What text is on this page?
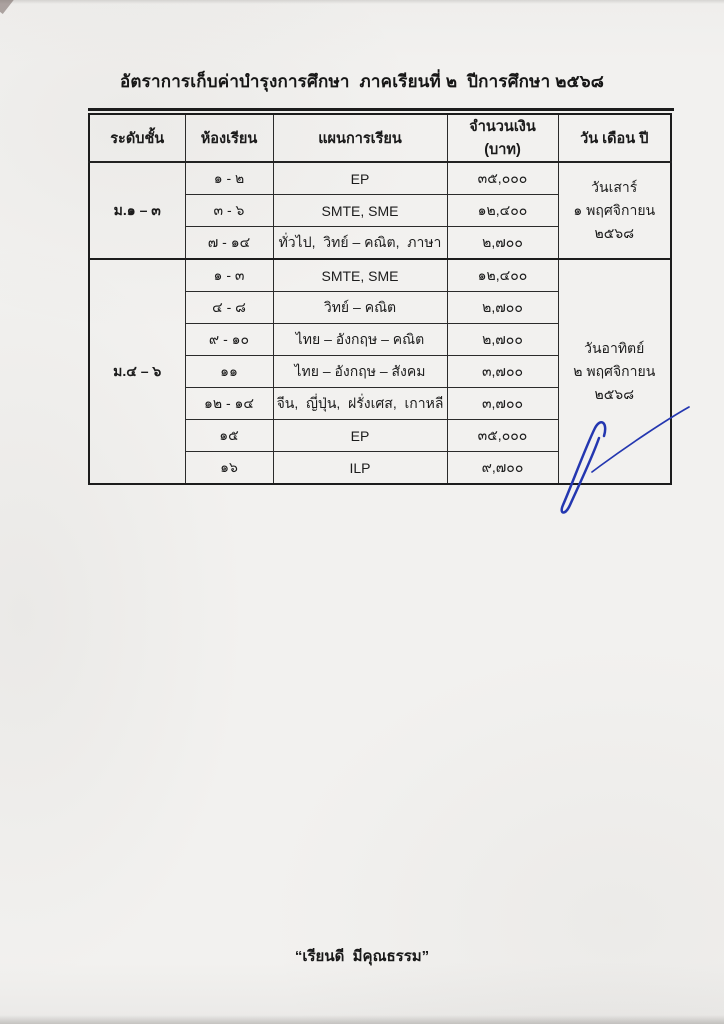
อัตราการเก็บค่าบำรุงการศึกษา  ภาคเรียนที่ ๒  ปีการศึกษา ๒๕๖๘
ระดับชั้น	ห้องเรียน	แผนการเรียน	จำนวนเงิน (บาท)	วัน เดือน ปี
ม.๑ – ๓	๑ - ๒	EP	๓๕,๐๐๐	วันเสาร์
๑ พฤศจิกายน
๒๕๖๘

	๓ - ๖	SMTE, SME	๑๒,๔๐๐	
	๗ - ๑๔	ทั่วไป,  วิทย์ – คณิต,  ภาษา	๒,๗๐๐	
ม.๔ – ๖	๑ - ๓	SMTE, SME	๑๒,๔๐๐	วันอาทิตย์
๒ พฤศจิกายน
๒๕๖๘

	๔ - ๘	วิทย์ – คณิต	๒,๗๐๐	
	๙ - ๑๐	ไทย – อังกฤษ – คณิต	๒,๗๐๐	
	๑๑	ไทย – อังกฤษ – สังคม	๓,๗๐๐	
	๑๒ - ๑๔	จีน,  ญี่ปุ่น,  ฝรั่งเศส,  เกาหลี	๓,๗๐๐	
	๑๕	EP	๓๕,๐๐๐	
	๑๖	ILP	๙,๗๐๐	
“เรียนดี  มีคุณธรรม”
